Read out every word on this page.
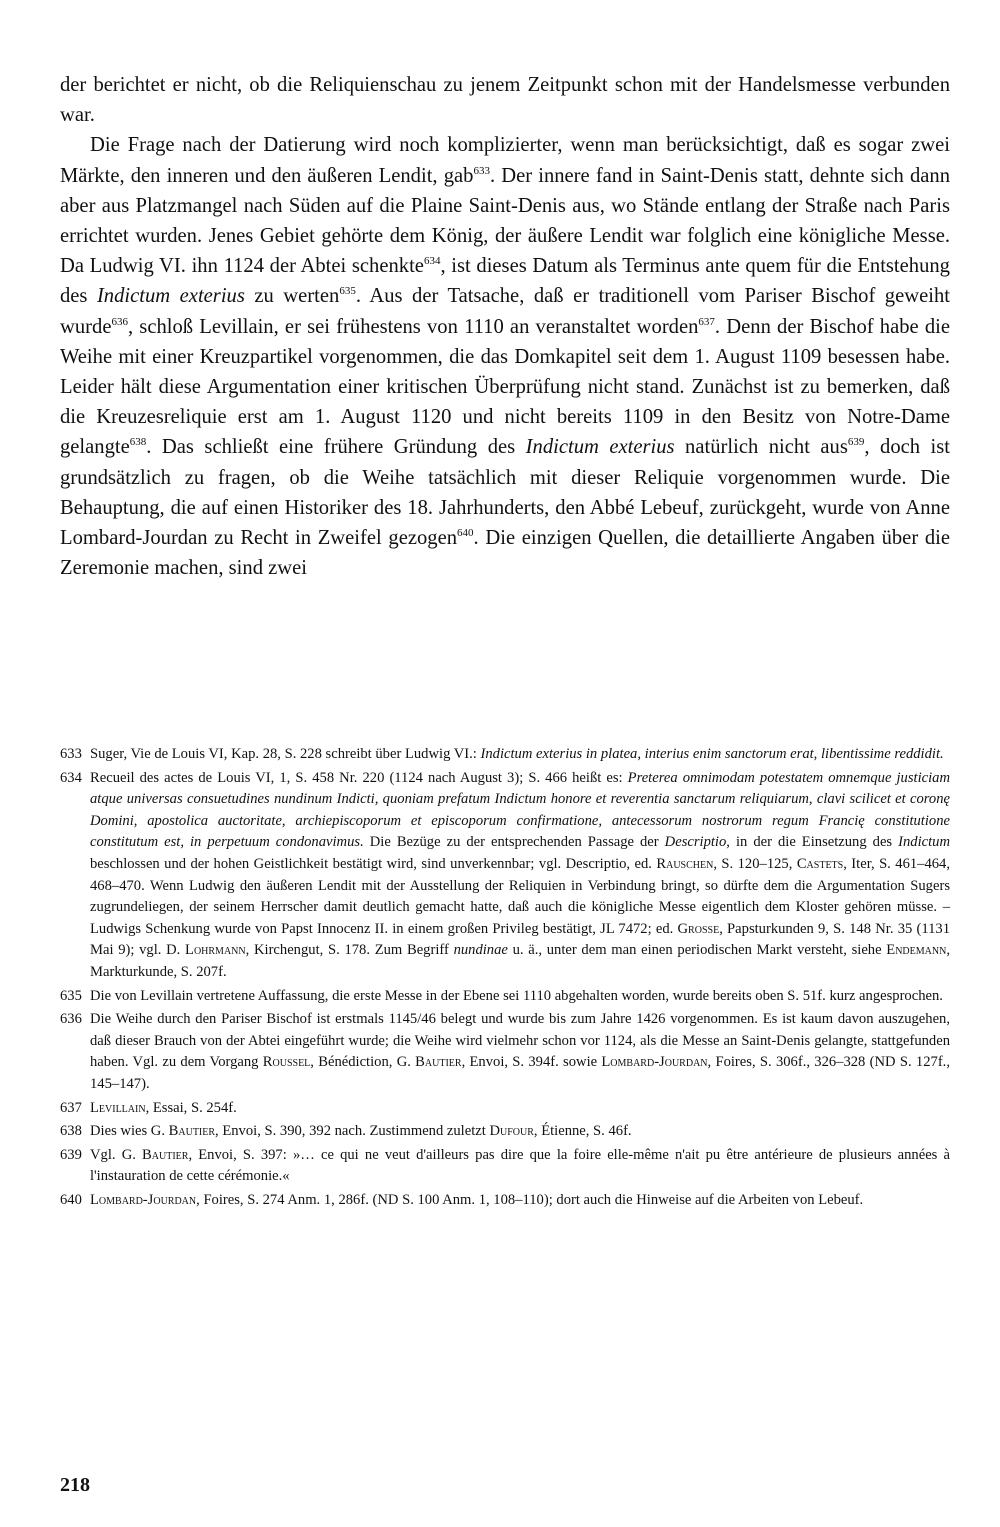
der berichtet er nicht, ob die Reliquienschau zu jenem Zeitpunkt schon mit der Handelsmesse verbunden war.

Die Frage nach der Datierung wird noch komplizierter, wenn man berücksichtigt, daß es sogar zwei Märkte, den inneren und den äußeren Lendit, gab$^{633}$. Der innere fand in Saint-Denis statt, dehnte sich dann aber aus Platzmangel nach Süden auf die Plaine Saint-Denis aus, wo Stände entlang der Straße nach Paris errichtet wurden. Jenes Gebiet gehörte dem König, der äußere Lendit war folglich eine königliche Messe. Da Ludwig VI. ihn 1124 der Abtei schenkte$^{634}$, ist dieses Datum als Terminus ante quem für die Entstehung des Indictum exterius zu werten$^{635}$. Aus der Tatsache, daß er traditionell vom Pariser Bischof geweiht wurde$^{636}$, schloß Levillain, er sei frühestens von 1110 an veranstaltet worden$^{637}$. Denn der Bischof habe die Weihe mit einer Kreuzpartikel vorgenommen, die das Domkapitel seit dem 1. August 1109 besessen habe. Leider hält diese Argumentation einer kritischen Überprüfung nicht stand. Zunächst ist zu bemerken, daß die Kreuzesreliquie erst am 1. August 1120 und nicht bereits 1109 in den Besitz von Notre-Dame gelangte$^{638}$. Das schließt eine frühere Gründung des Indictum exterius natürlich nicht aus$^{639}$, doch ist grundsätzlich zu fragen, ob die Weihe tatsächlich mit dieser Reliquie vorgenommen wurde. Die Behauptung, die auf einen Historiker des 18. Jahrhunderts, den Abbé Lebeuf, zurückgeht, wurde von Anne Lombard-Jourdan zu Recht in Zweifel gezogen$^{640}$. Die einzigen Quellen, die detaillierte Angaben über die Zeremonie machen, sind zwei

633 Suger, Vie de Louis VI, Kap. 28, S. 228 schreibt über Ludwig VI.: Indictum exterius in platea, interius enim sanctorum erat, libentissime reddidit.
634 Recueil des actes de Louis VI, 1, S. 458 Nr. 220 (1124 nach August 3); S. 466 heißt es: Preterea omnimodam potestatem omnemque justiciam atque universas consuetudines nundinum Indicti, quoniam prefatum Indictum honore et reverentia sanctarum reliquiarum, clavi scilicet et coronę Domini, apostolica auctoritate, archiepiscoporum et episcoporum confirmatione, antecessorum nostrorum regum Francię constitutione constitutum est, in perpetuum condonavimus. Die Bezüge zu der entsprechenden Passage der Descriptio, in der die Einsetzung des Indictum beschlossen und der hohen Geistlichkeit bestätigt wird, sind unverkennbar; vgl. Descriptio, ed. Rauschen, S. 120–125, Castets, Iter, S. 461–464, 468–470. Wenn Ludwig den äußeren Lendit mit der Ausstellung der Reliquien in Verbindung bringt, so dürfte dem die Argumentation Sugers zugrundeliegen, der seinem Herrscher damit deutlich gemacht hatte, daß auch die königliche Messe eigentlich dem Kloster gehören müsse. – Ludwigs Schenkung wurde von Papst Innocenz II. in einem großen Privileg bestätigt, JL 7472; ed. Grosse, Papsturkunden 9, S. 148 Nr. 35 (1131 Mai 9); vgl. D. Lohrmann, Kirchengut, S. 178. Zum Begriff nundinae u. ä., unter dem man einen periodischen Markt versteht, siehe Endemann, Markturkunde, S. 207f.
635 Die von Levillain vertretene Auffassung, die erste Messe in der Ebene sei 1110 abgehalten worden, wurde bereits oben S. 51f. kurz angesprochen.
636 Die Weihe durch den Pariser Bischof ist erstmals 1145/46 belegt und wurde bis zum Jahre 1426 vorgenommen. Es ist kaum davon auszugehen, daß dieser Brauch von der Abtei eingeführt wurde; die Weihe wird vielmehr schon vor 1124, als die Messe an Saint-Denis gelangte, stattgefunden haben. Vgl. zu dem Vorgang Roussel, Bénédiction, G. Bautier, Envoi, S. 394f. sowie Lombard-Jourdan, Foires, S. 306f., 326–328 (ND S. 127f., 145–147).
637 Levillain, Essai, S. 254f.
638 Dies wies G. Bautier, Envoi, S. 390, 392 nach. Zustimmend zuletzt Dufour, Étienne, S. 46f.
639 Vgl. G. Bautier, Envoi, S. 397: »… ce qui ne veut d'ailleurs pas dire que la foire elle-même n'ait pu être antérieure de plusieurs années à l'instauration de cette cérémonie.«
640 Lombard-Jourdan, Foires, S. 274 Anm. 1, 286f. (ND S. 100 Anm. 1, 108–110); dort auch die Hinweise auf die Arbeiten von Lebeuf.
218
